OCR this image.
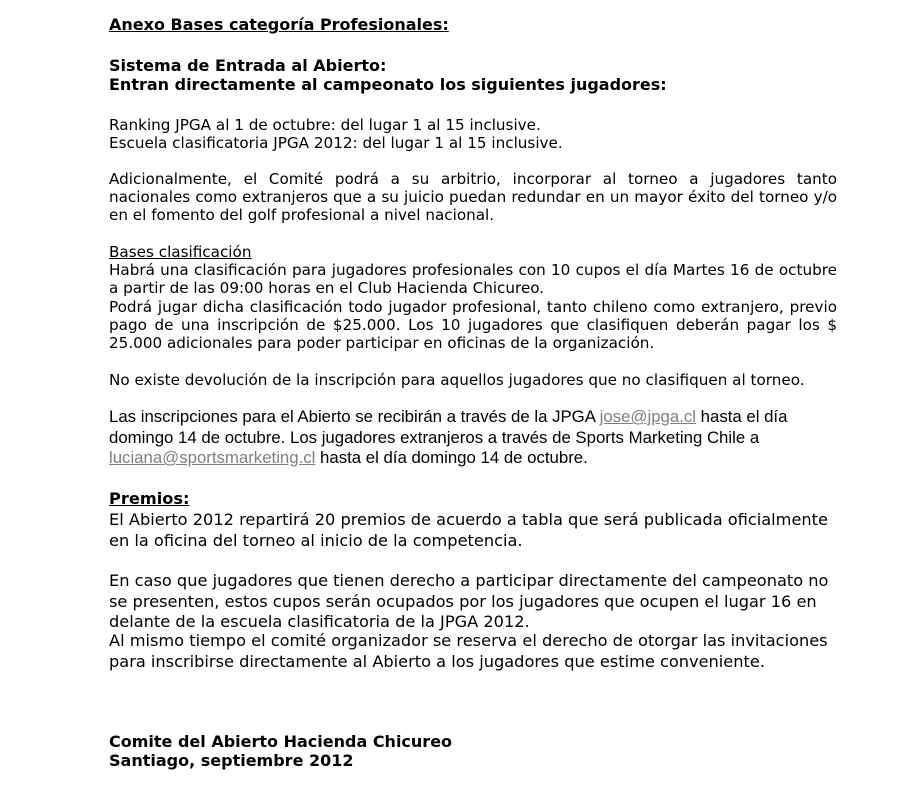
Anexo Bases categoría Profesionales:

Sistema de Entrada al Abierto:

Entran directamente al campeonato los siguientes jugadores:

Ranking JPGA al 1 de octubre: del lugar 1 al 15 inclusive.

Escuela clasificatoria JPGA 2012: del lugar 1 al 15 inclusive.

Adicionalmente, el Comité podrá a su arbitrio, incorporar al torneo a jugadores tanto nacionales como extranjeros que a su juicio puedan redundar en un mayor éxito del torneo y/o en el fomento del golf profesional a nivel nacional.

Bases clasificación

Habrá una clasificación para jugadores profesionales con 10 cupos el día Martes 16 de octubre a partir de las 09:00 horas en el Club Hacienda Chicureo.

Podrá jugar dicha clasificación todo jugador profesional, tanto chileno como extranjero, previo pago de una inscripción de $25.000. Los 10 jugadores que clasifiquen deberán pagar los $ 25.000 adicionales para poder participar en oficinas de la organización.

No existe devolución de la inscripción para aquellos jugadores que no clasifiquen al torneo.

Las inscripciones para el Abierto se recibirán a través de la JPGA jose@jpga.cl hasta el día domingo 14 de octubre. Los jugadores extranjeros a través de Sports Marketing Chile a luciana@sportsmarketing.cl hasta el día domingo 14 de octubre.

Premios:

El Abierto 2012 repartirá 20 premios de acuerdo a tabla que será publicada oficialmente en la oficina del torneo al inicio de la competencia.

En caso que jugadores que tienen derecho a participar directamente del campeonato no se presenten, estos cupos serán ocupados por los jugadores que ocupen el lugar 16 en delante de la escuela clasificatoria de la JPGA 2012.

Al mismo tiempo el comité organizador se reserva el derecho de otorgar las invitaciones para inscribirse directamente al Abierto a los jugadores que estime conveniente.

Comite del Abierto Hacienda Chicureo

Santiago, septiembre 2012
